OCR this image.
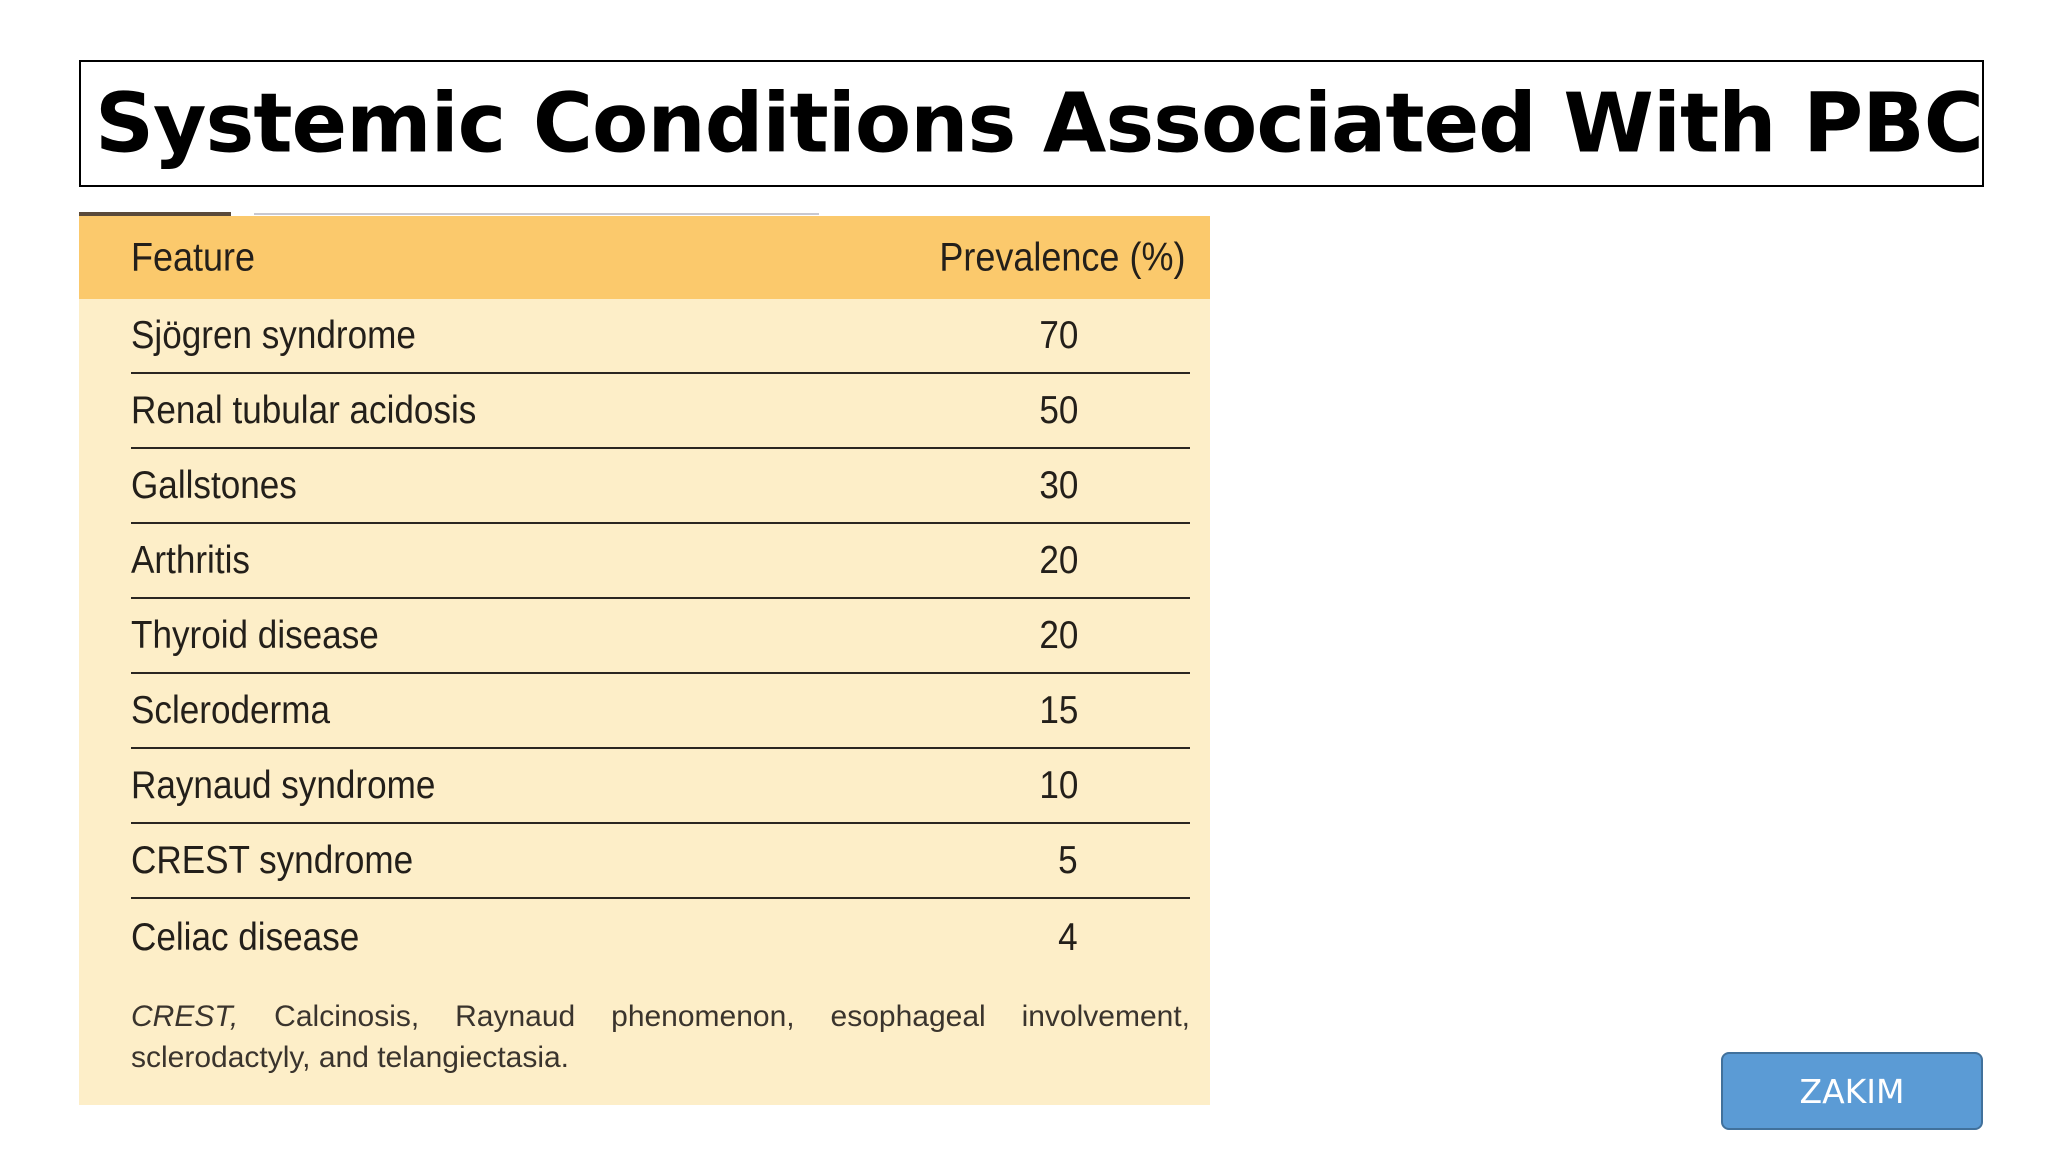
Systemic Conditions Associated With PBC
Feature	Prevalence (%)
Sjögren syndrome	70
Renal tubular acidosis	50
Gallstones	30
Arthritis	20
Thyroid disease	20
Scleroderma	15
Raynaud syndrome	10
CREST syndrome	5
Celiac disease	4

CREST, Calcinosis, Raynaud phenomenon, esophageal involvement, sclerodactyly, and telangiectasia.

ZAKIM
